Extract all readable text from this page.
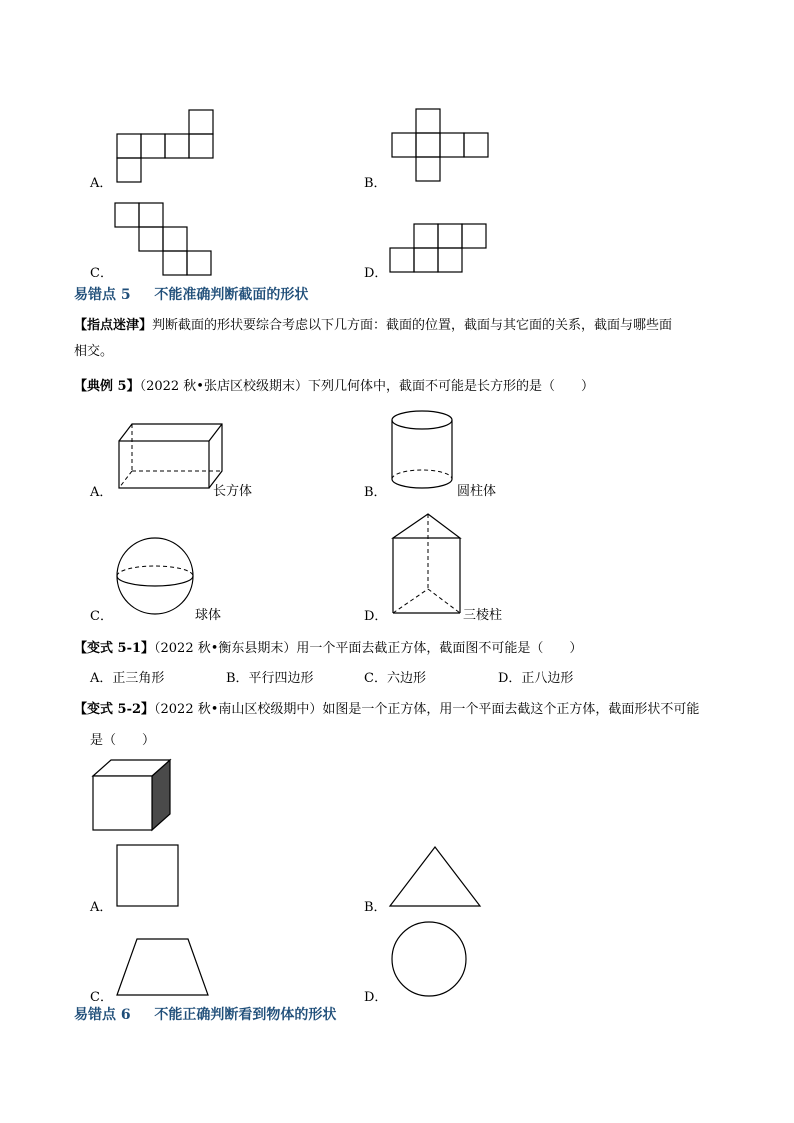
A．	B．
C．	D．
易错点 5 不能准确判断截面的形状
【指点迷津】判断截面的形状要综合考虑以下几方面：截面的位置，截面与其它面的关系，截面与哪些面
相交。
【典例 5】（2022 秋•张店区校级期末）下列几何体中，截面不可能是长方形的是（　　）
A．	长方体	B．	圆柱体
C．	球体	D．	三棱柱
【变式 5-1】（2022 秋•衡东县期末）用一个平面去截正方体，截面图不可能是（　　）
A．正三角形	B．平行四边形	C．六边形	D．正八边形
【变式 5-2】（2022 秋•南山区校级期中）如图是一个正方体，用一个平面去截这个正方体，截面形状不可能
是（　　）
A．	B．
C．	D．
易错点 6 不能正确判断看到物体的形状
